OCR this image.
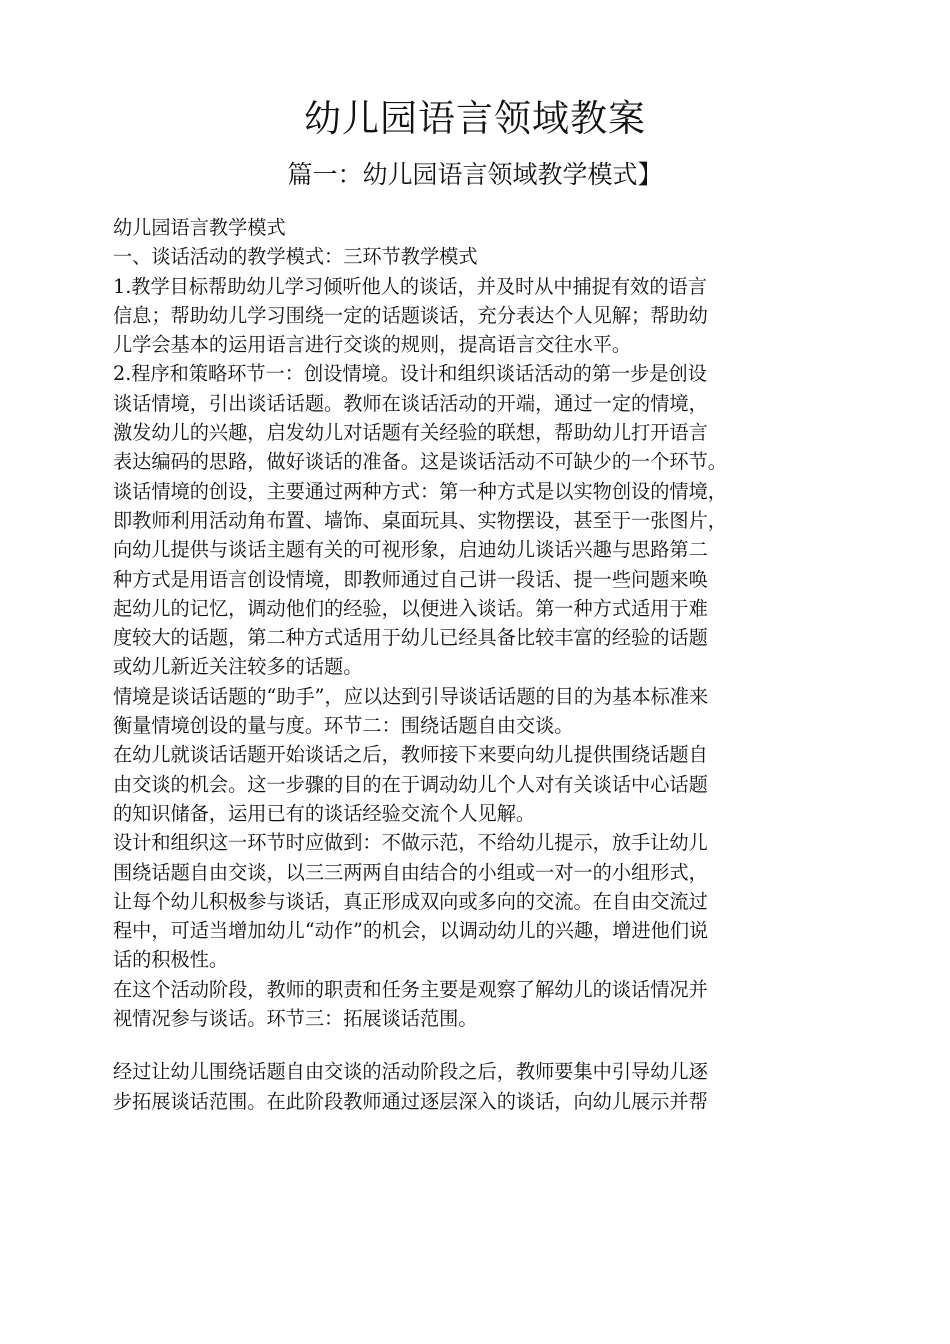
幼儿园语言领域教案
篇一：幼儿园语言领域教学模式】
幼儿园语言教学模式
一、谈话活动的教学模式：三环节教学模式
1.教学目标帮助幼儿学习倾听他人的谈话，并及时从中捕捉有效的语言
信息；帮助幼儿学习围绕一定的话题谈话，充分表达个人见解；帮助幼
儿学会基本的运用语言进行交谈的规则，提高语言交往水平。
2.程序和策略环节一：创设情境。设计和组织谈话活动的第一步是创设
谈话情境，引出谈话话题。教师在谈话活动的开端，通过一定的情境，
激发幼儿的兴趣，启发幼儿对话题有关经验的联想，帮助幼儿打开语言
表达编码的思路，做好谈话的准备。这是谈话活动不可缺少的一个环节。
谈话情境的创设，主要通过两种方式：第一种方式是以实物创设的情境，
即教师利用活动角布置、墙饰、桌面玩具、实物摆设，甚至于一张图片，
向幼儿提供与谈话主题有关的可视形象，启迪幼儿谈话兴趣与思路第二
种方式是用语言创设情境，即教师通过自己讲一段话、提一些问题来唤
起幼儿的记忆，调动他们的经验，以便进入谈话。第一种方式适用于难
度较大的话题，第二种方式适用于幼儿已经具备比较丰富的经验的话题
或幼儿新近关注较多的话题。
情境是谈话话题的“助手”，应以达到引导谈话话题的目的为基本标准来
衡量情境创设的量与度。环节二：围绕话题自由交谈。
在幼儿就谈话话题开始谈话之后，教师接下来要向幼儿提供围绕话题自
由交谈的机会。这一步骤的目的在于调动幼儿个人对有关谈话中心话题
的知识储备，运用已有的谈话经验交流个人见解。
设计和组织这一环节时应做到：不做示范，不给幼儿提示，放手让幼儿
围绕话题自由交谈，以三三两两自由结合的小组或一对一的小组形式，
让每个幼儿积极参与谈话，真正形成双向或多向的交流。在自由交流过
程中，可适当增加幼儿“动作”的机会，以调动幼儿的兴趣，增进他们说
话的积极性。
在这个活动阶段，教师的职责和任务主要是观察了解幼儿的谈话情况并
视情况参与谈话。环节三：拓展谈话范围。
经过让幼儿围绕话题自由交谈的活动阶段之后，教师要集中引导幼儿逐
步拓展谈话范围。在此阶段教师通过逐层深入的谈话，向幼儿展示并帮
